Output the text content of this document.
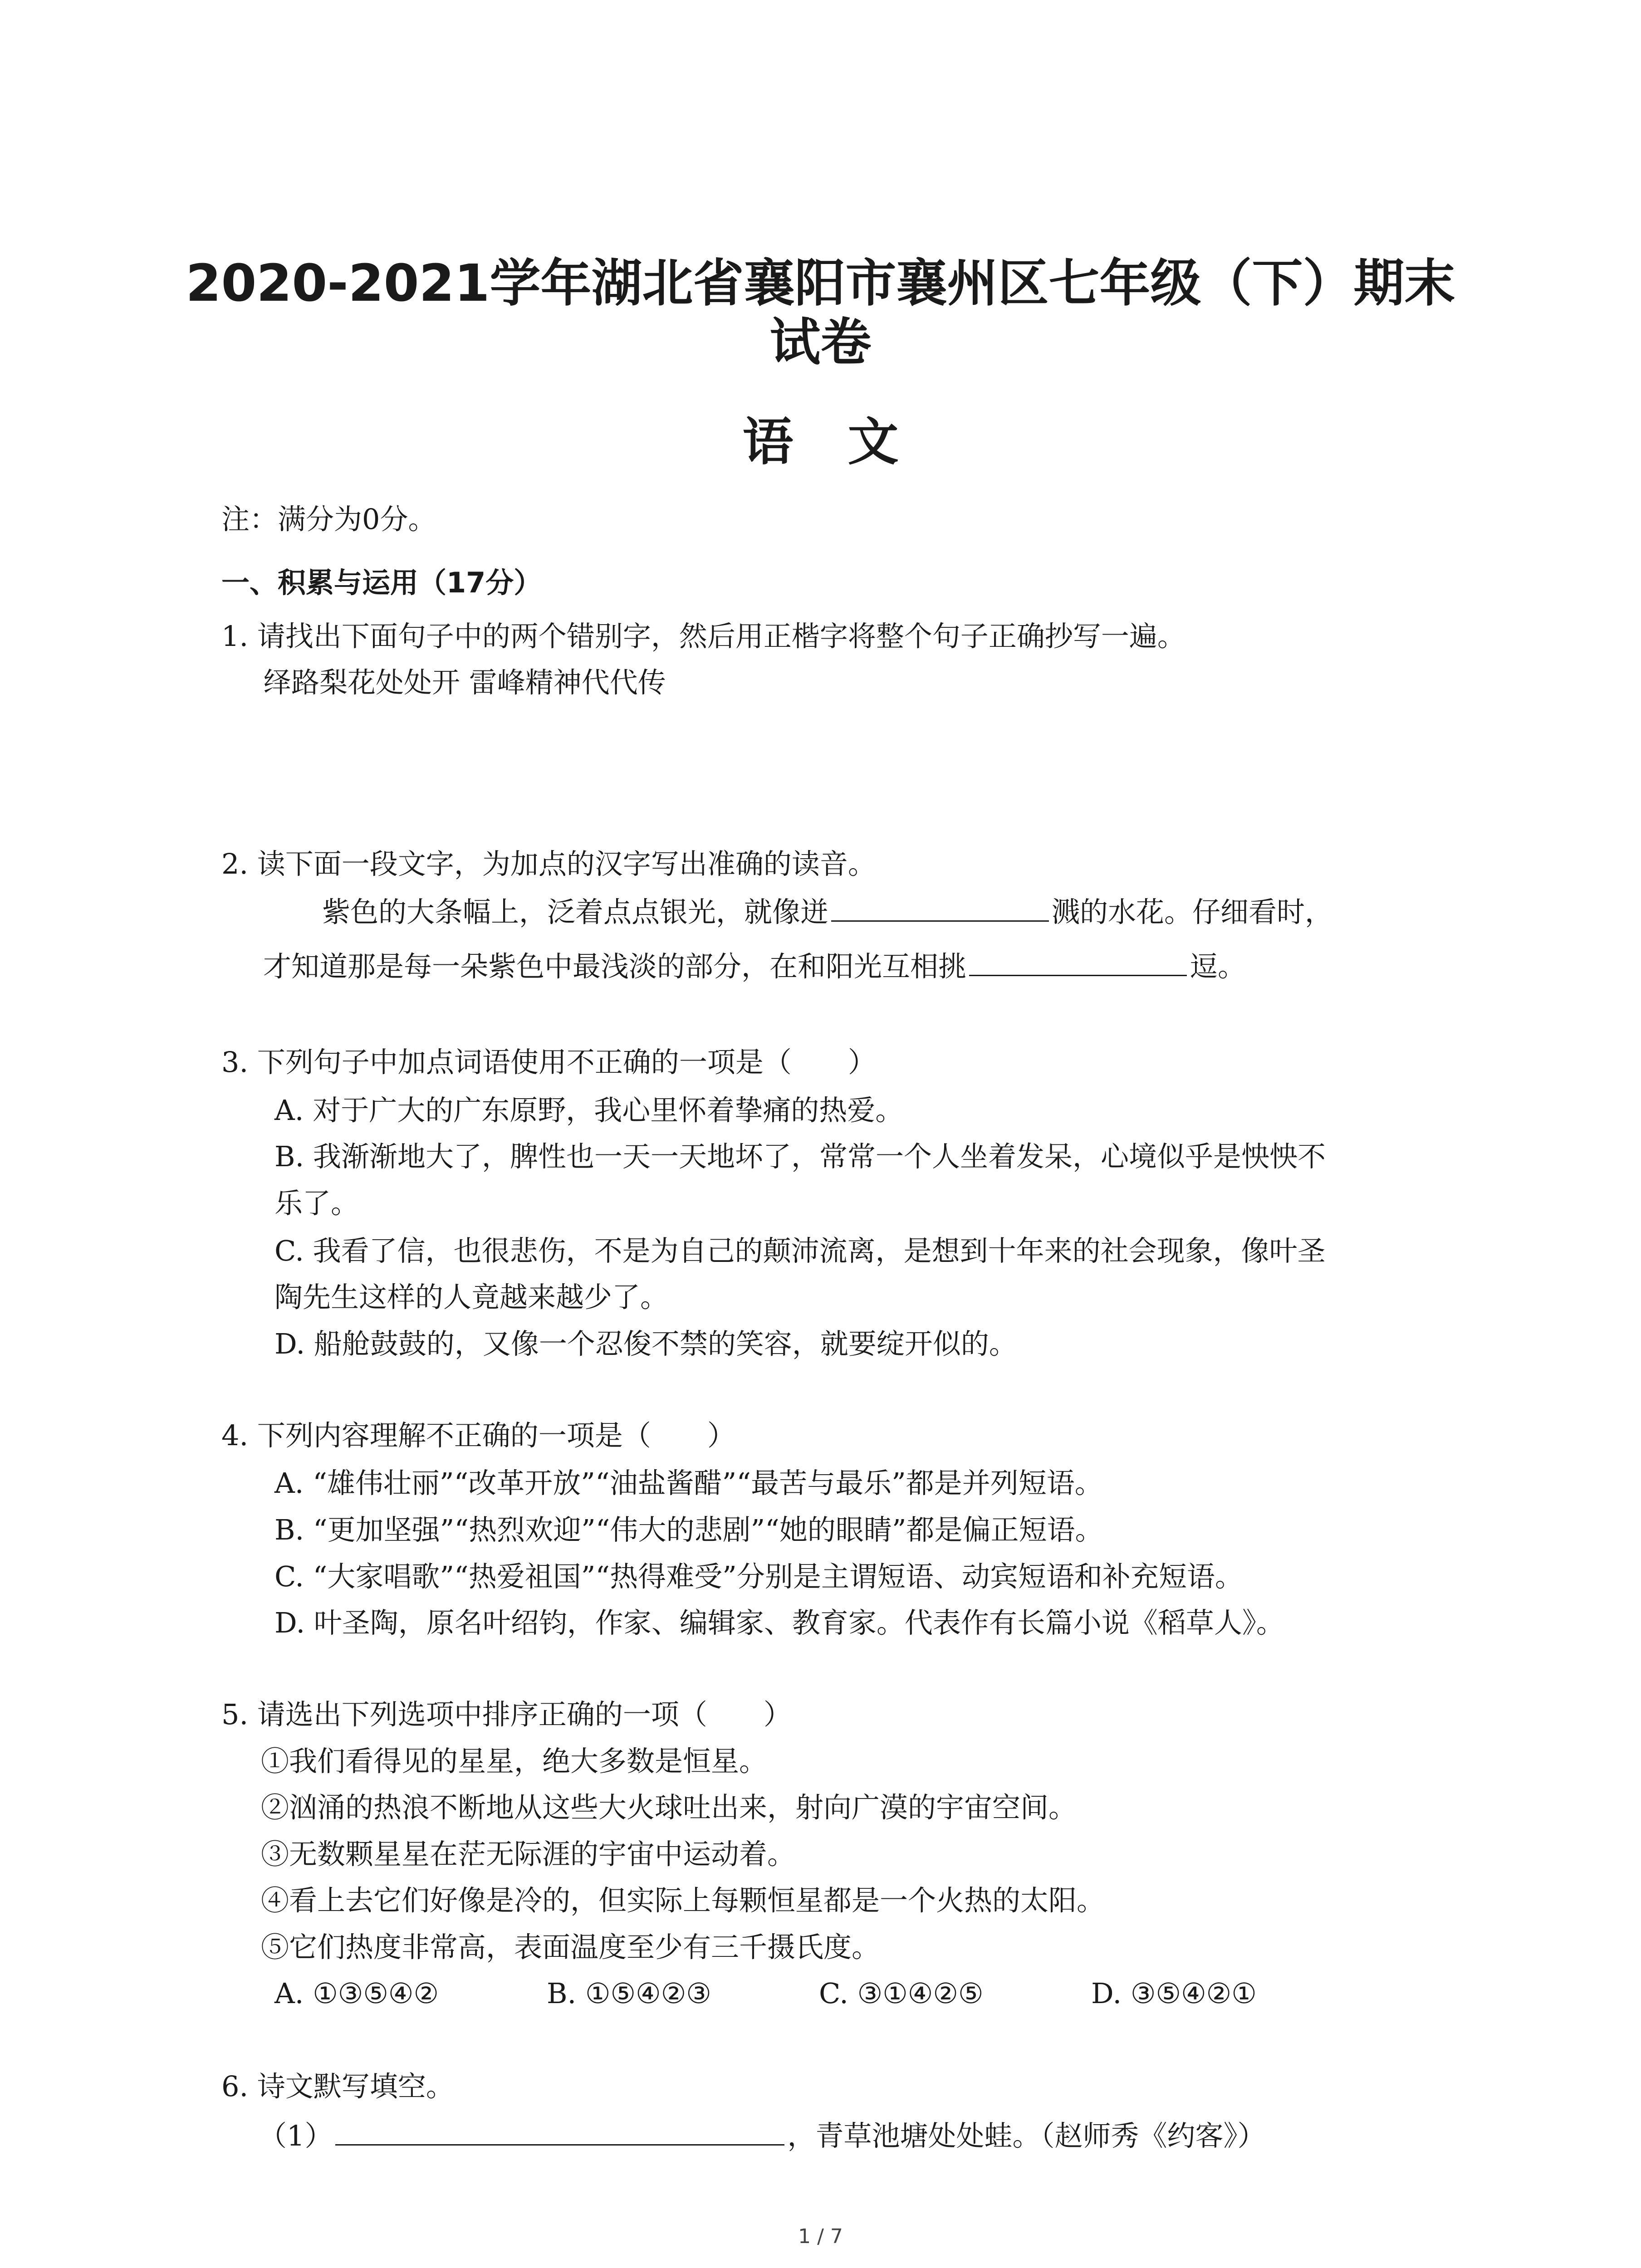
2020-2021学年湖北省襄阳市襄州区七年级（下）期末
试卷
语文
注：满分为0分。
一、积累与运用（17分）
1. 请找出下面句子中的两个错别字，然后用正楷字将整个句子正确抄写一遍。
绎路梨花处处开 雷峰精神代代传
2. 读下面一段文字，为加点的汉字写出准确的读音。
紫色的大条幅上，泛着点点银光，就像迸	溅的水花。仔细看时，
才知道那是每一朵紫色中最浅淡的部分，在和阳光互相挑	逗。
3. 下列句子中加点词语使用不正确的一项是（　　）
A. 对于广大的广东原野，我心里怀着挚痛的热爱。
B. 我渐渐地大了，脾性也一天一天地坏了，常常一个人坐着发呆，心境似乎是怏怏不
乐了。
C. 我看了信，也很悲伤，不是为自己的颠沛流离，是想到十年来的社会现象，像叶圣
陶先生这样的人竟越来越少了。
D. 船舱鼓鼓的，又像一个忍俊不禁的笑容，就要绽开似的。
4. 下列内容理解不正确的一项是（　　）
A. “雄伟壮丽”“改革开放”“油盐酱醋”“最苦与最乐”都是并列短语。
B. “更加坚强”“热烈欢迎”“伟大的悲剧”“她的眼睛”都是偏正短语。
C. “大家唱歌”“热爱祖国”“热得难受”分别是主谓短语、动宾短语和补充短语。
D. 叶圣陶，原名叶绍钧，作家、编辑家、教育家。代表作有长篇小说《稻草人》。
5. 请选出下列选项中排序正确的一项（　　）
①我们看得见的星星，绝大多数是恒星。
②汹涌的热浪不断地从这些大火球吐出来，射向广漠的宇宙空间。
③无数颗星星在茫无际涯的宇宙中运动着。
④看上去它们好像是冷的，但实际上每颗恒星都是一个火热的太阳。
⑤它们热度非常高，表面温度至少有三千摄氏度。
A. ①③⑤④②	B. ①⑤④②③	C. ③①④②⑤	D. ③⑤④②①
6. 诗文默写填空。
（1）	，青草池塘处处蛙。（赵师秀《约客》）
1 / 7
